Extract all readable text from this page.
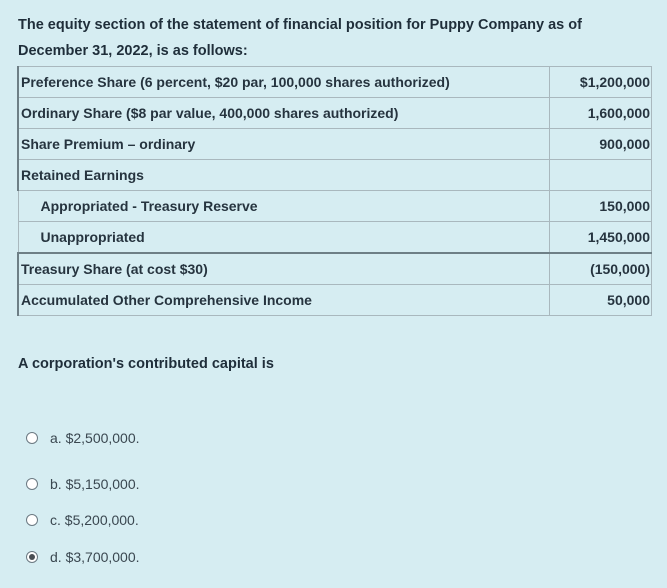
The equity section of the statement of financial position for Puppy Company as of December 31, 2022, is as follows:
Preference Share (6 percent, $20 par, 100,000 shares authorized)	$1,200,000
Ordinary Share ($8 par value, 400,000 shares authorized)	1,600,000
Share Premium – ordinary	900,000
Retained Earnings	
Appropriated - Treasury Reserve	150,000
Unappropriated	1,450,000
Treasury Share (at cost $30)	(150,000)
Accumulated Other Comprehensive Income	50,000
A corporation's contributed capital is
a. $2,500,000.
b. $5,150,000.
c. $5,200,000.
d. $3,700,000.
